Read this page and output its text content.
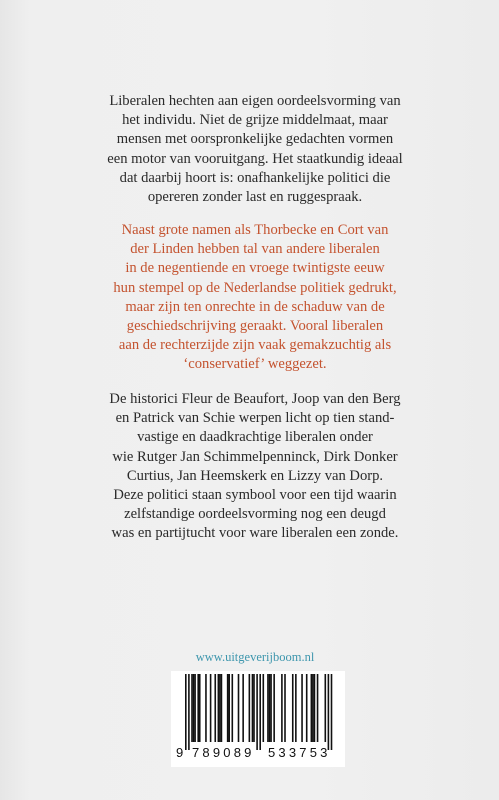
Liberalen hechten aan eigen oordeelsvorming van
het individu. Niet de grijze middelmaat, maar
mensen met oorspronkelijke gedachten vormen
een motor van vooruitgang. Het staatkundig ideaal
dat daarbij hoort is: onafhankelijke politici die
opereren zonder last en ruggespraak.
Naast grote namen als Thorbecke en Cort van
der Linden hebben tal van andere liberalen
in de negentiende en vroege twintigste eeuw
hun stempel op de Nederlandse politiek gedrukt,
maar zijn ten onrechte in de schaduw van de
geschiedschrijving geraakt. Vooral liberalen
aan de rechterzijde zijn vaak gemakzuchtig als
‘conservatief’ weggezet.
De historici Fleur de Beaufort, Joop van den Berg
en Patrick van Schie werpen licht op tien stand-
vastige en daadkrachtige liberalen onder
wie Rutger Jan Schimmelpenninck, Dirk Donker
Curtius, Jan Heemskerk en Lizzy van Dorp.
Deze politici staan symbool voor een tijd waarin
zelfstandige oordeelsvorming nog een deugd
was en partijtucht voor ware liberalen een zonde.

www.uitgeverijboom.nl

9 789089 533753
